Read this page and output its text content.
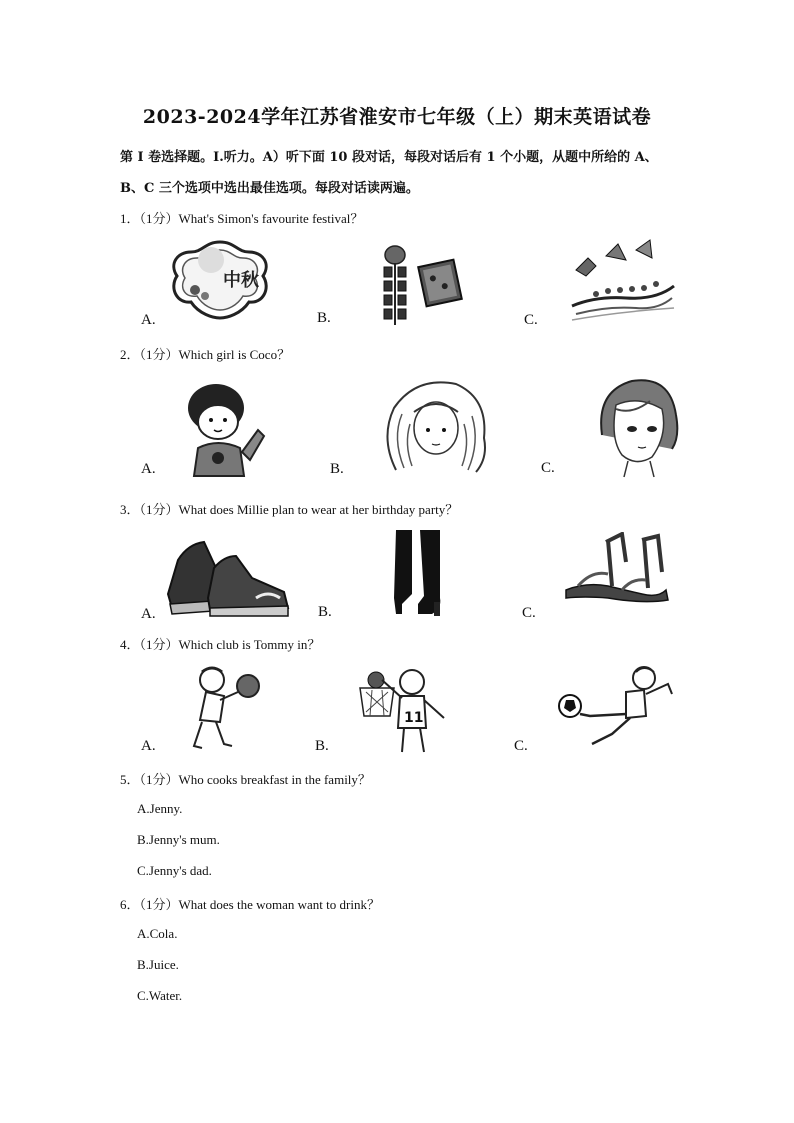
2023-2024学年江苏省淮安市七年级（上）期末英语试卷
第 I 卷选择题。I.听力。A）听下面 10 段对话，每段对话后有 1 个小题，从题中所给的 A、
B、C 三个选项中选出最佳选项。每段对话读两遍。
1．（1分）What's Simon's favourite festival？
中秋
A.	B.	C.
2．（1分）Which girl is Coco？
A.	B.	C.
3．（1分）What does Millie plan to wear at her birthday party？
A.	B.	C.
4．（1分）Which club is Tommy in？
A.
11
B.	C.
5．（1分）Who cooks breakfast in the family？
A.Jenny.
B.Jenny's mum.
C.Jenny's dad.
6．（1分）What does the woman want to drink？
A.Cola.
B.Juice.
C.Water.
